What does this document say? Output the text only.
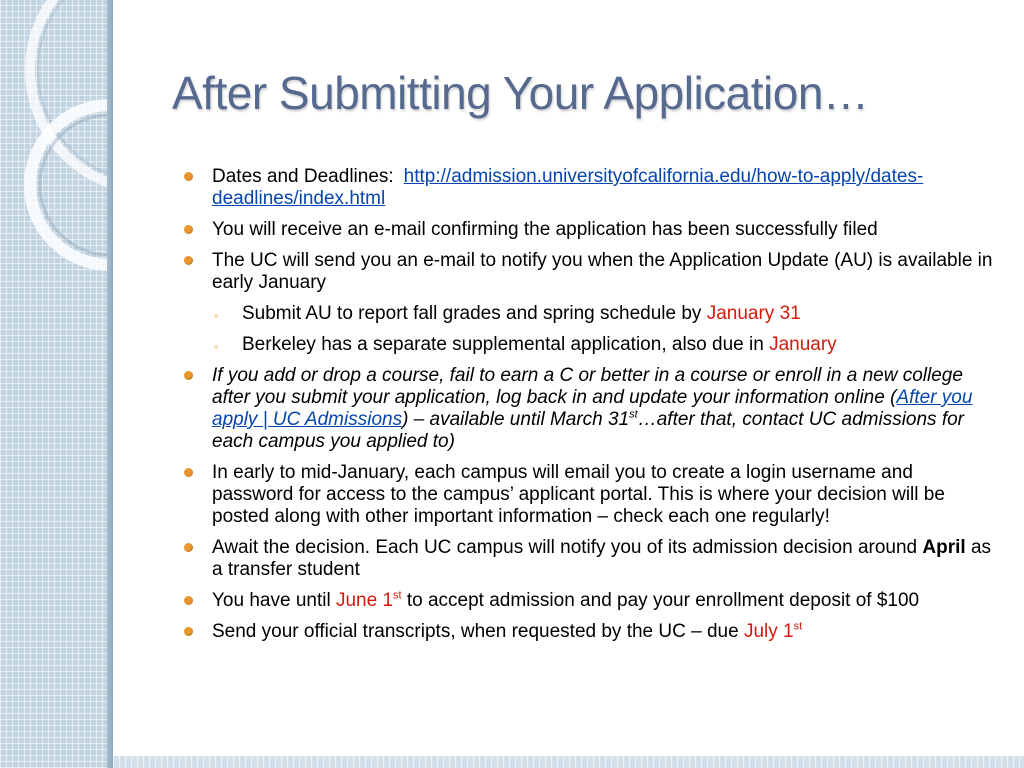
After Submitting Your Application…
Dates and Deadlines: http://admission.universityofcalifornia.edu/how-to-apply/dates-deadlines/index.html
You will receive an e-mail confirming the application has been successfully filed
The UC will send you an e-mail to notify you when the Application Update (AU) is available in early January
◦ Submit AU to report fall grades and spring schedule by January 31
◦ Berkeley has a separate supplemental application, also due in January
If you add or drop a course, fail to earn a C or better in a course or enroll in a new college after you submit your application, log back in and update your information online (After you apply | UC Admissions) – available until March 31st…after that, contact UC admissions for each campus you applied to)
In early to mid-January, each campus will email you to create a login username and password for access to the campus’ applicant portal. This is where your decision will be posted along with other important information – check each one regularly!
Await the decision. Each UC campus will notify you of its admission decision around April as a transfer student
You have until June 1st to accept admission and pay your enrollment deposit of $100
Send your official transcripts, when requested by the UC – due July 1st
